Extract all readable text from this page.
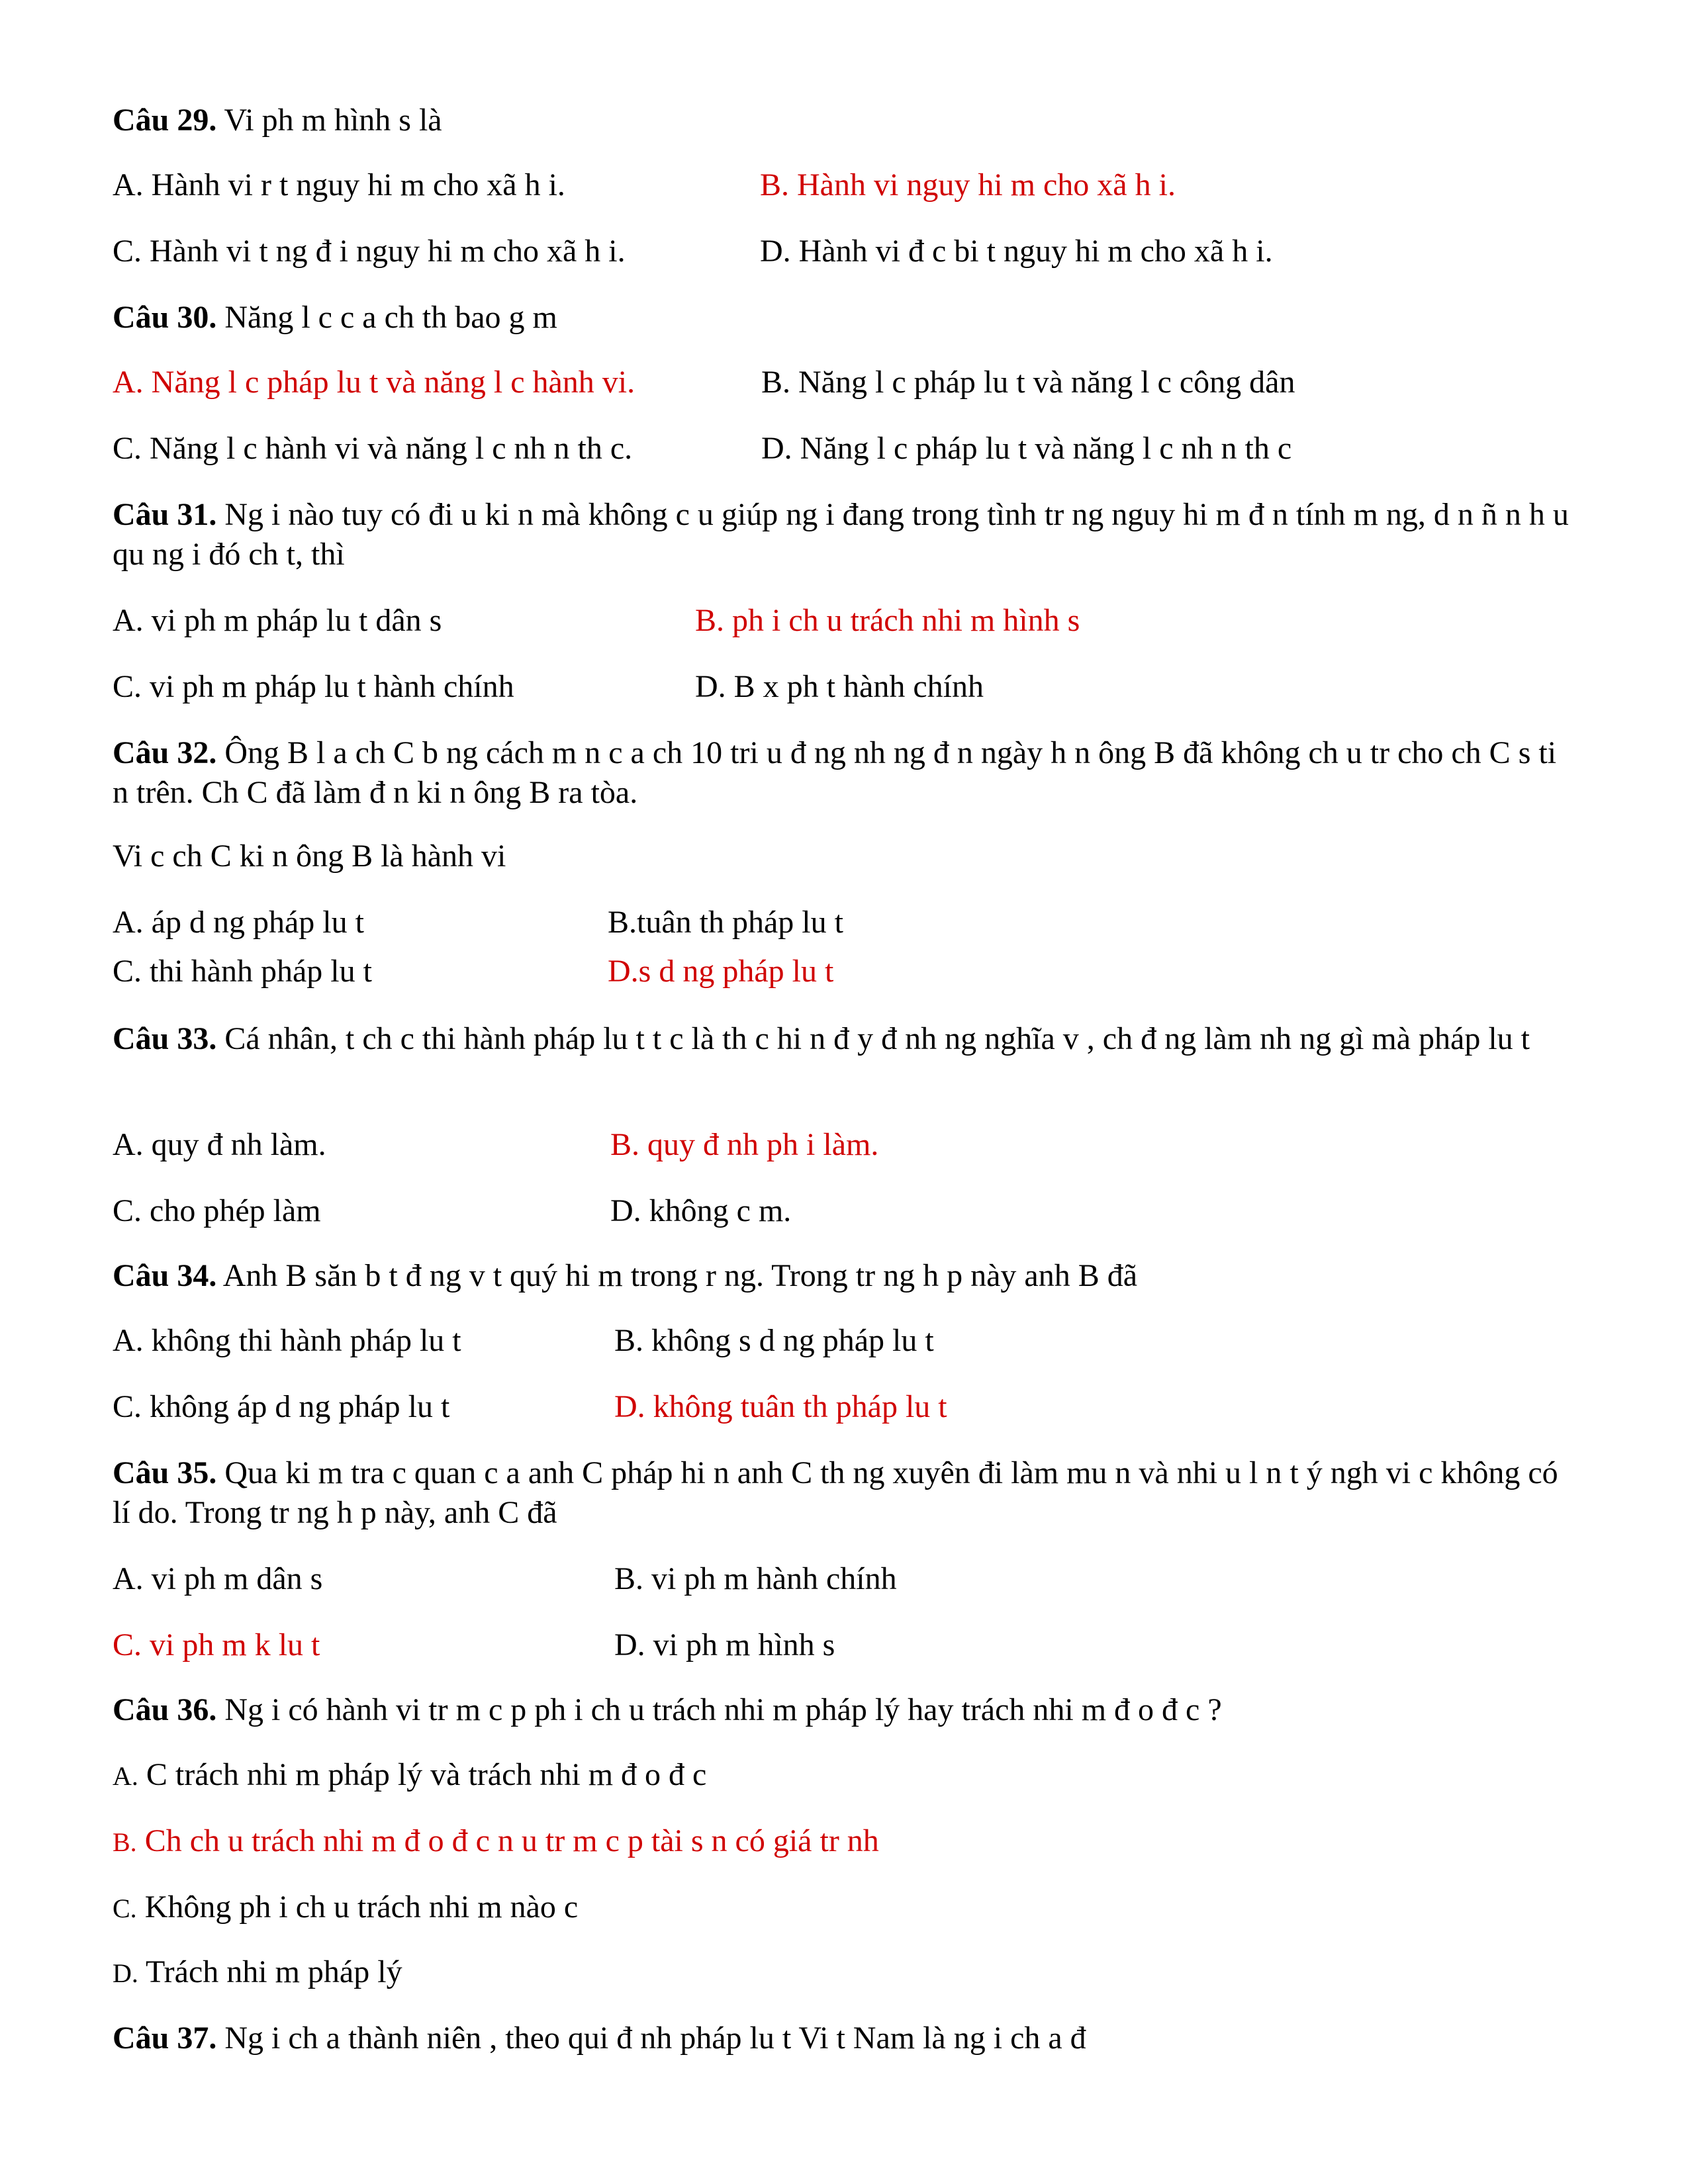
Câu 29. Vi ph m hình s là
A. Hành vi r t nguy hi m cho xã h i.	B. Hành vi nguy hi m cho xã h i.
C. Hành vi t ng đ i nguy hi m cho xã h i.	D. Hành vi đ c bi t nguy hi m cho xã h i.
Câu 30. Năng l c c a ch th bao g m
A. Năng l c pháp lu t và năng l c hành vi.	B. Năng l c pháp lu t và năng l c công dân
C. Năng l c hành vi và năng l c nh n th c.	D. Năng l c pháp lu t và năng l c nh n th c
Câu 31. Ng i nào tuy có đi u ki n mà không c u giúp ng i đang trong tình tr ng nguy hi m đ n tính m ng, d n ñ n h u qu ng i đó ch t, thì
A. vi ph m pháp lu t dân s	B. ph i ch u trách nhi m hình s
C. vi ph m pháp lu t hành chính	D. B x ph t hành chính
Câu 32. Ông B l a ch C b ng cách m n c a ch 10 tri u đ ng nh ng đ n ngày h n ông B đã không ch u tr cho ch C s ti n trên. Ch C đã làm đ n ki n ông B ra tòa.
Vi c ch C ki n ông B là hành vi
A. áp d ng pháp lu t	B.tuân th pháp lu t
C. thi hành pháp lu t	D.s d ng pháp lu t
Câu 33. Cá nhân, t ch c thi hành pháp lu t t c là th c hi n đ y đ nh ng nghĩa v , ch đ ng làm nh ng gì mà pháp lu t
A. quy đ nh làm.	B. quy đ nh ph i làm.
C. cho phép làm	D. không c m.
Câu 34. Anh B săn b t đ ng v t quý hi m trong r ng. Trong tr ng h p này anh B đã
A. không thi hành pháp lu t	B. không s d ng pháp lu t
C. không áp d ng pháp lu t	D. không tuân th pháp lu t
Câu 35. Qua ki m tra c quan c a anh C pháp hi n anh C th ng xuyên đi làm mu n và nhi u l n t ý ngh vi c không có lí do. Trong tr ng h p này, anh C đã
A. vi ph m dân s	B. vi ph m hành chính
C. vi ph m k lu t	D. vi ph m hình s
Câu 36. Ng i có hành vi tr m c p ph i ch u trách nhi m pháp lý hay trách nhi m đ o đ c ?
A. C trách nhi m pháp lý và trách nhi m đ o đ c
B. Ch ch u trách nhi m đ o đ c n u tr m c p tài s n có giá tr nh
C. Không ph i ch u trách nhi m nào c
D. Trách nhi m pháp lý
Câu 37. Ng i ch a thành niên , theo qui đ nh pháp lu t Vi t Nam là ng i ch a đ
